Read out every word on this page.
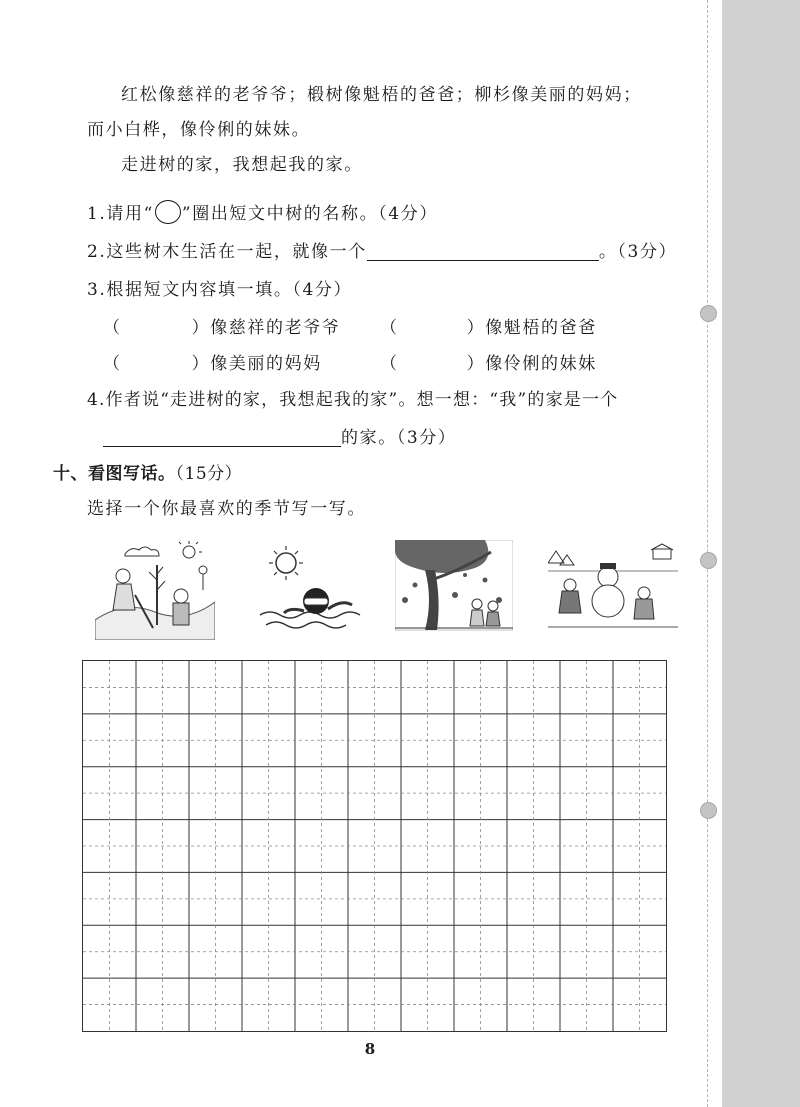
红松像慈祥的老爷爷；椴树像魁梧的爸爸；柳杉像美丽的妈妈；
而小白桦，像伶俐的妹妹。
走进树的家，我想起我的家。
1.请用“ ”圈出短文中树的名称。（4分）
2.这些树木生活在一起，就像一个	。（3分）
3.根据短文内容填一填。（4分）
（	）像慈祥的老爷爷 （	）像魁梧的爸爸
（	）像美丽的妈妈	（	）像伶俐的妹妹
4.作者说“走进树的家，我想起我的家”。想一想：“我”的家是一个
的家。（3分）
十、看图写话。（15分）
选择一个你最喜欢的季节写一写。
8
